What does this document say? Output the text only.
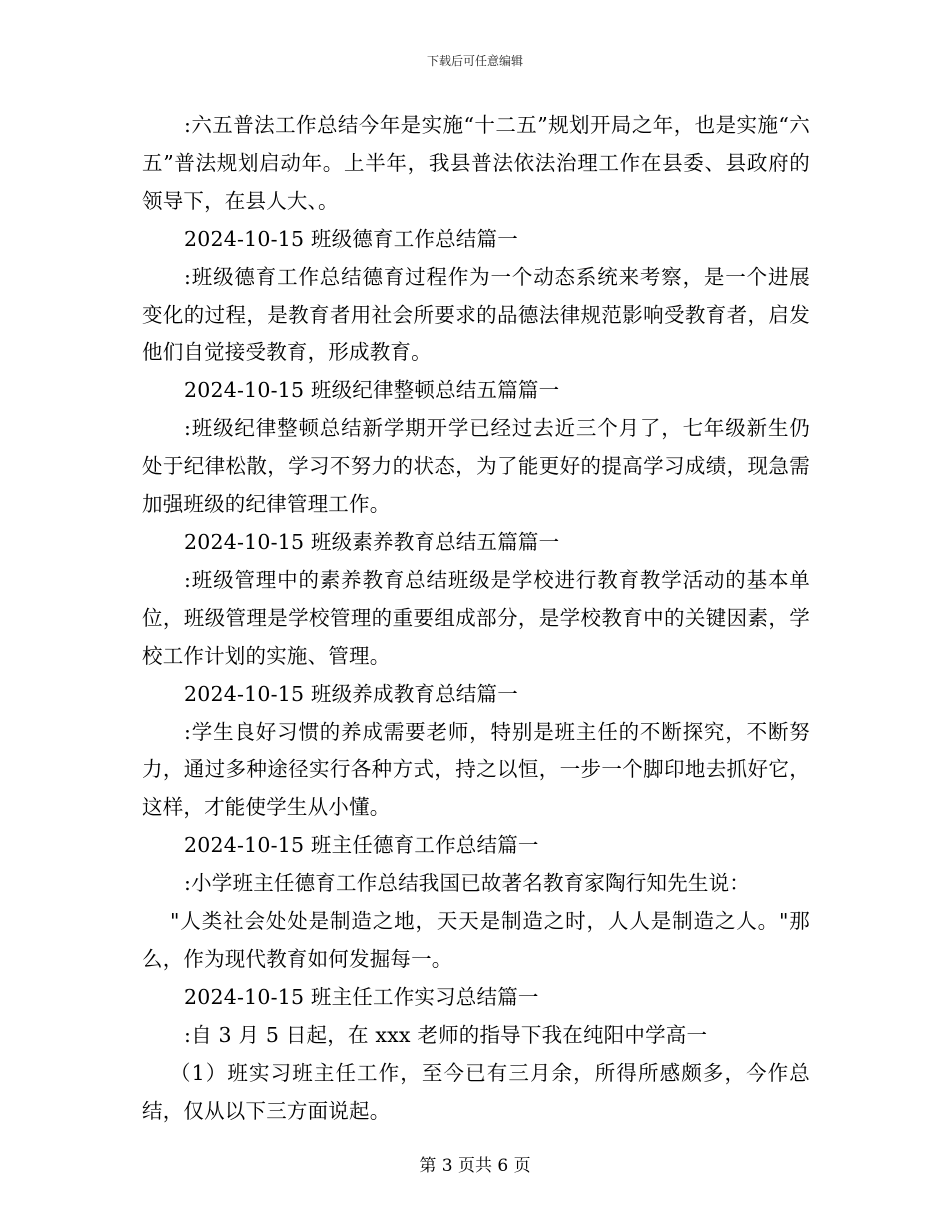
下载后可任意编辑

:六五普法工作总结今年是实施“十二五”规划开局之年，也是实施“六五”普法规划启动年。上半年，我县普法依法治理工作在县委、县政府的领导下，在县人大、。

2024-10-15 班级德育工作总结篇一

:班级德育工作总结德育过程作为一个动态系统来考察，是一个进展变化的过程，是教育者用社会所要求的品德法律规范影响受教育者，启发他们自觉接受教育，形成教育。

2024-10-15 班级纪律整顿总结五篇篇一

:班级纪律整顿总结新学期开学已经过去近三个月了，七年级新生仍处于纪律松散，学习不努力的状态，为了能更好的提高学习成绩，现急需加强班级的纪律管理工作。

2024-10-15 班级素养教育总结五篇篇一

:班级管理中的素养教育总结班级是学校进行教育教学活动的基本单位，班级管理是学校管理的重要组成部分，是学校教育中的关键因素，学校工作计划的实施、管理。

2024-10-15 班级养成教育总结篇一

:学生良好习惯的养成需要老师，特别是班主任的不断探究，不断努力，通过多种途径实行各种方式，持之以恒，一步一个脚印地去抓好它，这样，才能使学生从小懂。

2024-10-15 班主任德育工作总结篇一

:小学班主任德育工作总结我国已故著名教育家陶行知先生说：

"人类社会处处是制造之地，天天是制造之时，人人是制造之人。"那么，作为现代教育如何发掘每一。

2024-10-15 班主任工作实习总结篇一

:自 3 月 5 日起，在 xxx 老师的指导下我在纯阳中学高一

（1）班实习班主任工作，至今已有三月余，所得所感颇多，今作总结，仅从以下三方面说起。

第 3 页共 6 页
